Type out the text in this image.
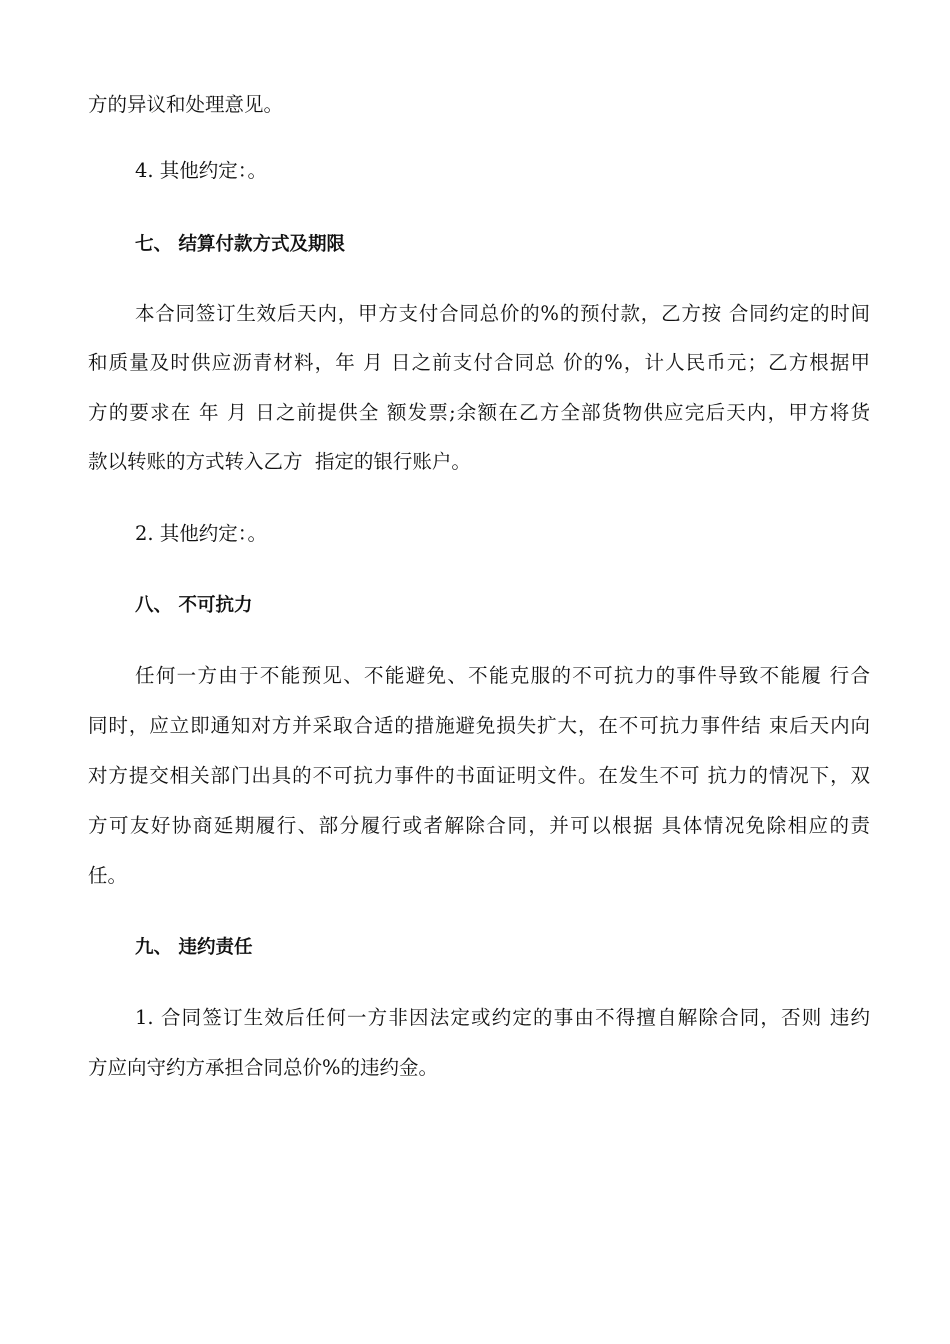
方的异议和处理意见。

4. 其他约定：。

七、 结算付款方式及期限

本合同签订生效后天内，甲方支付合同总价的%的预付款，乙方按 合同约定的时间

和质量及时供应沥青材料，年 月 日之前支付合同总 价的%，计人民币元；乙方根据甲

方的要求在 年 月 日之前提供全 额发票;余额在乙方全部货物供应完后天内，甲方将货

款以转账的方式转入乙方  指定的银行账户。

2. 其他约定：。

八、 不可抗力

任何一方由于不能预见、不能避免、不能克服的不可抗力的事件导致不能履 行合

同时，应立即通知对方并采取合适的措施避免损失扩大，在不可抗力事件结 束后天内向

对方提交相关部门出具的不可抗力事件的书面证明文件。在发生不可 抗力的情况下，双

方可友好协商延期履行、部分履行或者解除合同，并可以根据 具体情况免除相应的责

任。

九、 违约责任

1. 合同签订生效后任何一方非因法定或约定的事由不得擅自解除合同，否则 违约

方应向守约方承担合同总价%的违约金。
